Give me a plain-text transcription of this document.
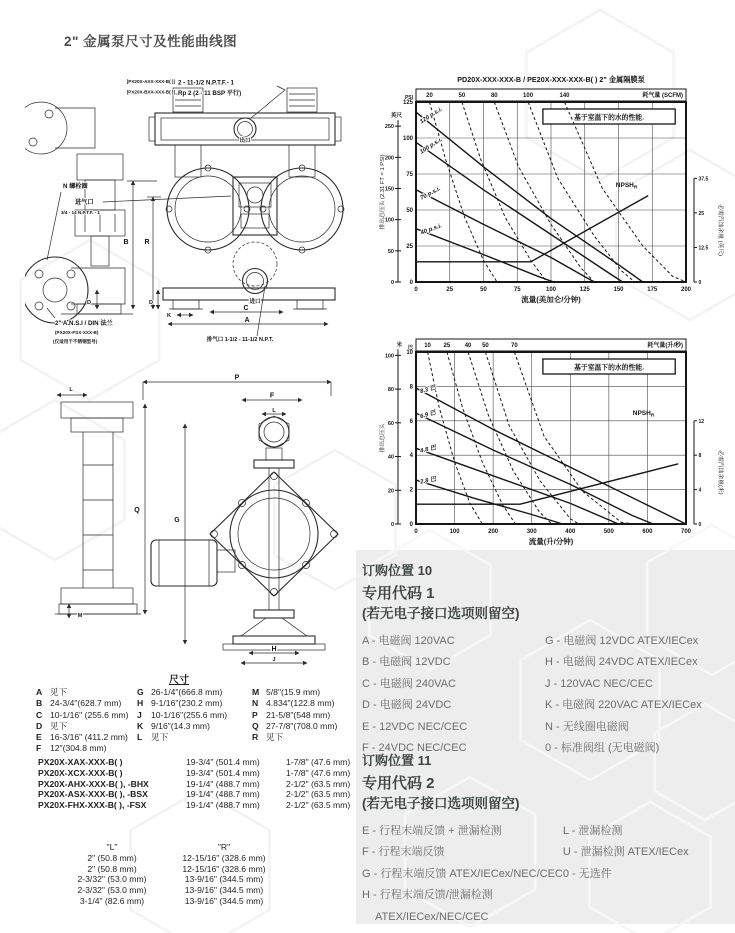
2" 金属泵尺寸及性能曲线图
[PX20X-AXX-XXX-B( )] 2 - 11-1/2 N.P.T.F.- 1
[PX20X-BXX-XXX-B( )] Rp 2 (2 - 11 BSP 平行)
出口
进口
N 螺栓圈
进气口
3/4 - 14 N.P.T.F. - 1
2" A.N.S.I / DIN 法兰
(PX20X-FSX-XXX-B)
(仅适用于不锈钢型号)	排气口 1-1/2 - 11-1/2 N.P.T.
B R
D	D
K
C
A
L
P
F
L
Q
G
M
H
J
PD20X-XXX-XXX-B / PE20X-XXX-XXX-B( ) 2" 金属隔膜泵
20	50	80	100	140	耗气量 (SCFM)
0
25
50
75
100
125
PSI
0
50
100
150
200
250
英尺
排出总压头 (2.31 FT = 1 PSI)
0	25	50	75	100	125	150	175	200
流量(美加仑/分钟)
0
12.5
25
37.5
必需汽蚀余量 (英尺)
基于室温下的水的性能.
120 p.s.i.
100 p.s.i.
70 p.s.i.
40 p.s.i.
$NPSH_R$
10 25 40 50	70	耗气量(升/秒)
0
2
4
6
8
10
巴
0
20
40
60
80
100
米
排出总压头
0	100	200	300	400	500	600	700
流量(升/分钟)
0
4
8
12
必需汽蚀余量(米)
基于室温下的水的性能.
8.3 巴
6.9 巴
4.8 巴
2.8 巴
$NPSH_R$
尺寸
A 见下
B 24-3/4"(628.7 mm)
C 10-1/16" (255.6 mm)
D 见下
E 16-3/16" (411.2 mm)
F	12"(304.8 mm)
G 26-1/4"(666.8 mm)
H 9-1/16"(230.2 mm)
J	10-1/16"(255.6 mm)
K 9/16"(14.3 mm)
L	见下
M 5/8"(15.9 mm)
N 4.834"(122.8 mm)
P 21-5/8"(548 mm)
Q 27-7/8"(708.0 mm)
R 见下
PX20X-XAX-XXX-B( )	19-3/4" (501.4 mm)	1-7/8" (47.6 mm)
PX20X-XCX-XXX-B( )	19-3/4" (501.4 mm)	1-7/8" (47.6 mm)
PX20X-AHX-XXX-B( ), -BHX	19-1/4" (488.7 mm)	2-1/2" (63.5 mm)
PX20X-ASX-XXX-B( ), -BSX	19-1/4" (488.7 mm)	2-1/2" (63.5 mm)
PX20X-FHX-XXX-B( ), -FSX	19-1/4" (488.7 mm)	2-1/2" (63.5 mm)
"L"	"R"
2" (50.8 mm)	12-15/16" (328.6 mm)
2" (50.8 mm)	12-15/16" (328.6 mm)
2-3/32" (53.0 mm)	13-9/16" (344.5 mm)
2-3/32" (53.0 mm)	13-9/16" (344.5 mm)
3-1/4" (82.6 mm)	13-9/16" (344.5 mm)
订购位置 10
专用代码 1
(若无电子接口选项则留空)
A - 电磁阀 120VAC
B - 电磁阀 12VDC
C - 电磁阀 240VAC
D - 电磁阀 24VDC
E - 12VDC NEC/CEC
F - 24VDC NEC/CEC
G - 电磁阀 12VDC ATEX/IECex
H - 电磁阀 24VDC ATEX/IECex
J - 120VAC NEC/CEC
K - 电磁阀 220VAC ATEX/IECex
N - 无线圈电磁阀
0 - 标准阀组 (无电磁阀)
订购位置 11
专用代码 2
(若无电子接口选项则留空)
E - 行程末端反馈 + 泄漏检测
F - 行程末端反馈
G - 行程末端反馈 ATEX/IECex/NEC/CEC
H - 行程末端反馈/泄漏检测
ATEX/IECex/NEC/CEC
L - 泄漏检测
U - 泄漏检测 ATEX/IECex
0 - 无选件
